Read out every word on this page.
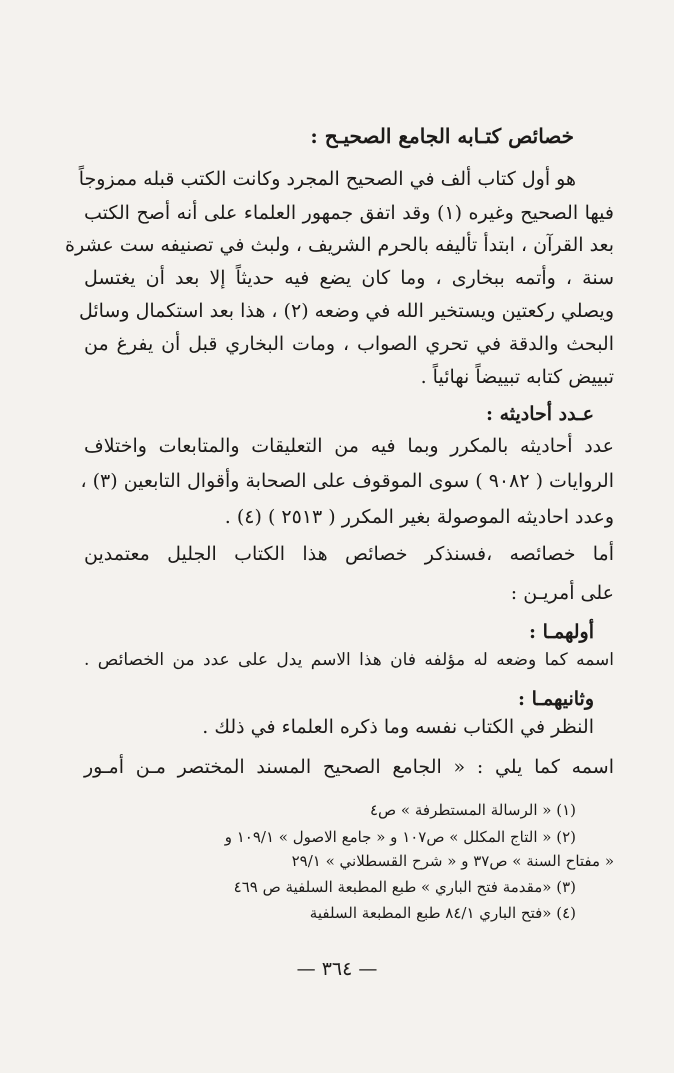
خصائص كتـابه الجامع الصحيـح :
هو أول كتاب ألف في الصحيح المجرد وكانت الكتب قبله ممزوجاً
فيها الصحيح وغيره (١) وقد اتفق جمهور العلماء على أنه أصح الكتب
بعد القرآن ، ابتدأ تأليفه بالحرم الشريف ، ولبث في تصنيفه ست عشرة
سنة ، وأتمه ببخارى ، وما كان يضع فيه حديثاً إلا بعد أن يغتسل
ويصلي ركعتين ويستخير الله في وضعه (٢) ، هذا بعد استكمال وسائل
البحث والدقة في تحري الصواب ، ومات البخاري قبل أن يفرغ من
تبييض كتابه تبييضاً نهائياً .
عـدد أحاديثه :
عدد أحاديثه بالمكرر وبما فيه من التعليقات والمتابعات واختلاف
الروايات ( ٩٠٨٢ ) سوى الموقوف على الصحابة وأقوال التابعين (٣) ،
وعدد احاديثه الموصولة بغير المكرر ( ٢٥١٣ ) (٤) .
أما خصائصه ،فسنذكر خصائص هذا الكتاب الجليل معتمدين
على أمريـن :
أولهمـا :
اسمه كما وضعه له مؤلفه فان هذا الاسم يدل على عدد من الخصائص .
وثانيهمـا :
النظر في الكتاب نفسه وما ذكره العلماء في ذلك .
اسمه كما يلي : « الجامع الصحيح المسند المختصر مـن أمـور
(١) « الرسالة المستطرفة » ص٤
(٢) « التاج المكلل » ص١٠٧ و « جامع الاصول » ١٠٩/١ و
« مفتاح السنة » ص٣٧ و « شرح القسطلاني » ٢٩/١
(٣) «مقدمة فتح الباري » طبع المطبعة السلفية ص ٤٦٩
(٤) «فتح الباري ٨٤/١ طبع المطبعة السلفية
— ٣٦٤ —
